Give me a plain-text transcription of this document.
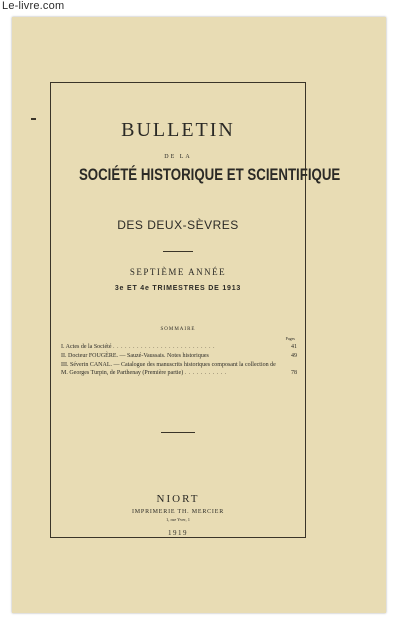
Le-livre.com
BULLETIN
DE LA
SOCIÉTÉ HISTORIQUE ET SCIENTIFIQUE
DES DEUX-SÈVRES
SEPTIÈME ANNÉE
3e ET 4e TRIMESTRES DE 1913
SOMMAIRE
Pages
I. Actes de la Société . . . . . . . . . . . . . . . . . . . . . . . . . .	41
II. Docteur FOUGÈRE. — Sauzé-Vaussais. Notes historiques	49
III. Séverin CANAL. — Catalogue des manuscrits historiques composant la collection de M. Georges Turpin, de Parthenay (Première partie) . . . . . . . . . . .	78
NIORT
IMPRIMERIE TH. MERCIER
1, rue Yver, 1
1919
